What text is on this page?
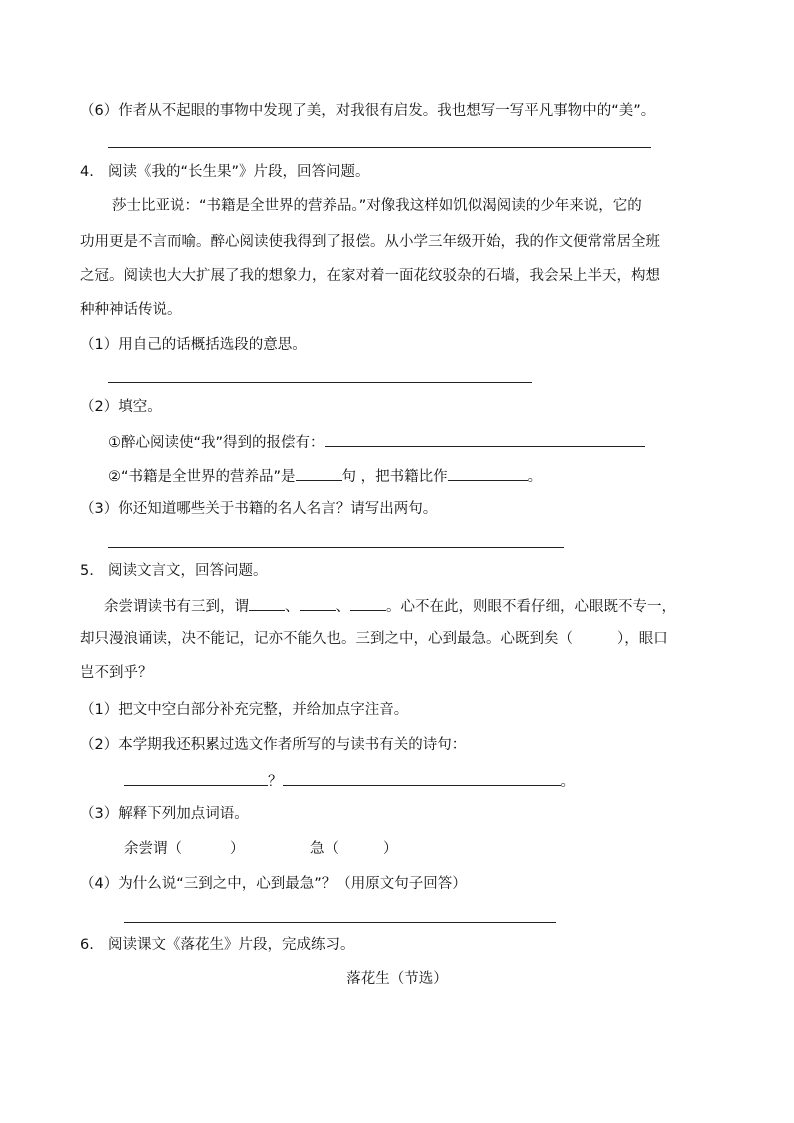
（6）作者从不起眼的事物中发现了美，对我很有启发。我也想写一写平凡事物中的“美”。
4. 阅读《我的“长生果”》片段，回答问题。
莎士比亚说：“书籍是全世界的营养品。”对像我这样如饥似渴阅读的少年来说，它的
功用更是不言而喻。醉心阅读使我得到了报偿。从小学三年级开始，我的作文便常常居全班
之冠。阅读也大大扩展了我的想象力，在家对着一面花纹驳杂的石墙，我会呆上半天，构想
种种神话传说。
（1）用自己的话概括选段的意思。
（2）填空。
①醉心阅读使“我”得到的报偿有：
②“书籍是全世界的营养品”是	句 ，把书籍比作	。
（3）你还知道哪些关于书籍的名人名言？请写出两句。
5. 阅读文言文，回答问题。
余尝谓读书有三到，谓 、 、 。心不在此，则眼不看仔细，心眼既不专一，
却只漫浪诵读，决不能记，记亦不能久也。三到之中，心到最急。心既到矣（	），眼口
岂不到乎？
（1）把文中空白部分补充完整，并给加点字注音。
（2）本学期我还积累过选文作者所写的与读书有关的诗句：
？	。
（3）解释下列加点词语。
余尝谓（	）	急（	）
（4）为什么说“三到之中，心到最急”？（用原文句子回答）
6. 阅读课文《落花生》片段，完成练习。
落花生（节选）
